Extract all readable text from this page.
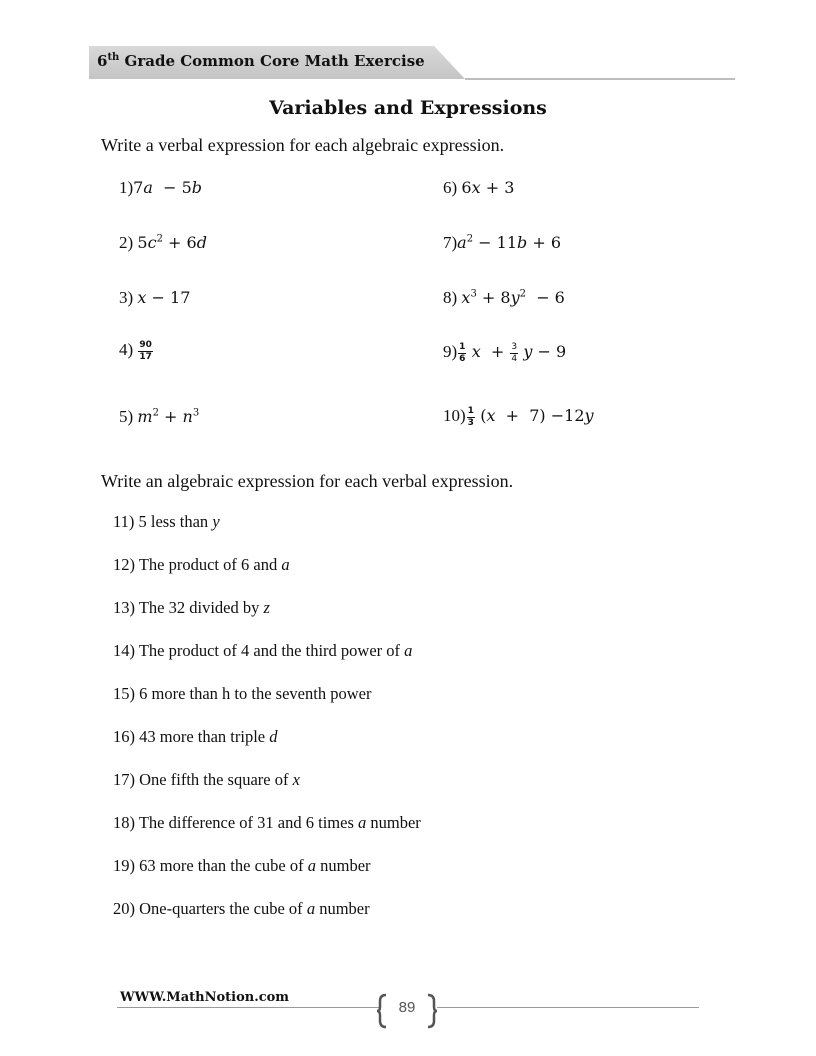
6th Grade Common Core Math Exercise
Variables and Expressions
Write a verbal expression for each algebraic expression.
1)7a  − 5b
2) $5c^2 + 6d$
3) x − 17
$4) \frac{90}{17}$
5) $m^2 + n^3$
6) 6x + 3
$7)a^2 - 11b + 6$
8) $x^3 + 8y^2 - 6$
$9) \frac{1}{6}$ $x + \frac{3}{4}$ y − 9
$10) \frac{1}{3} (x + 7) -12y$
Write an algebraic expression for each verbal expression.
11) 5 less than y
12) The product of 6 and a
13) The 32 divided by z
14) The product of 4 and the third power of a
15) 6 more than h to the seventh power
16) 43 more than triple d
17) One fifth the square of x
18) The difference of 31 and 6 times a number
19) 63 more than the cube of a number
20) One-quarters the cube of a number
WWW.MathNotion.com
89
